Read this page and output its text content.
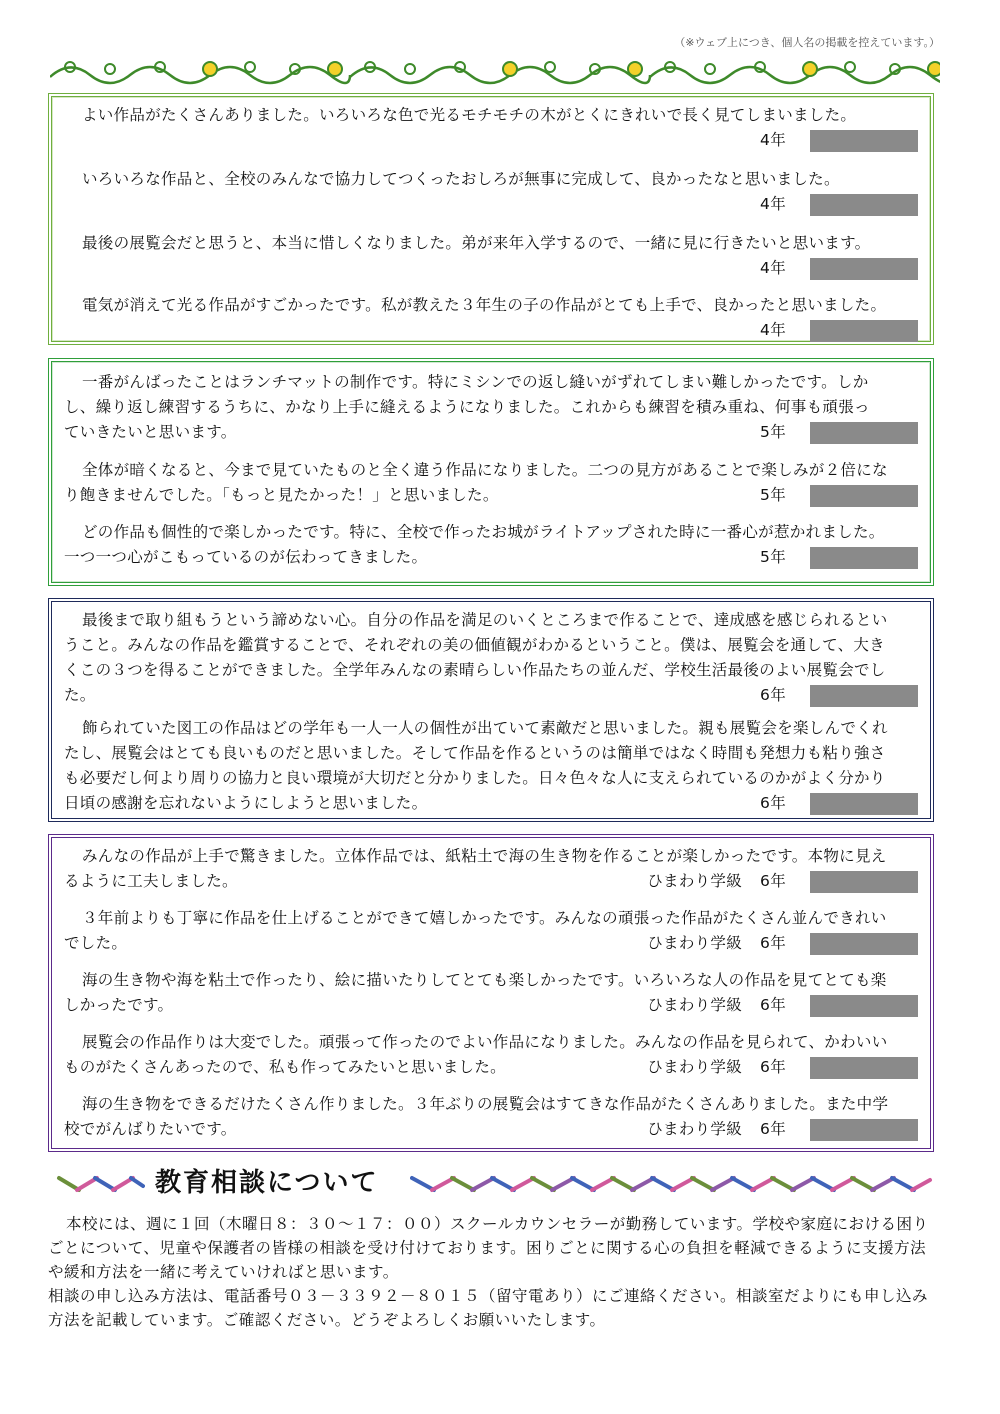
（※ウェブ上につき、個人名の掲載を控えています。）
よい作品がたくさんありました。いろいろな色で光るモチモチの木がとくにきれいで長く見てしまいました。
4年
いろいろな作品と、全校のみんなで協力してつくったおしろが無事に完成して、良かったなと思いました。
4年
最後の展覧会だと思うと、本当に惜しくなりました。弟が来年入学するので、一緒に見に行きたいと思います。
4年
電気が消えて光る作品がすごかったです。私が教えた３年生の子の作品がとても上手で、良かったと思いました。
4年
一番がんばったことはランチマットの制作です。特にミシンでの返し縫いがずれてしまい難しかったです。しかし、繰り返し練習するうちに、かなり上手に縫えるようになりました。これからも練習を積み重ね、何事も頑張っていきたいと思います。	5年
全体が暗くなると、今まで見ていたものと全く違う作品になりました。二つの見方があることで楽しみが２倍になり飽きませんでした。「もっと見たかった！」と思いました。	5年
どの作品も個性的で楽しかったです。特に、全校で作ったお城がライトアップされた時に一番心が惹かれました。一つ一つ心がこもっているのが伝わってきました。	5年
最後まで取り組もうという諦めない心。自分の作品を満足のいくところまで作ることで、達成感を感じられるということ。みんなの作品を鑑賞することで、それぞれの美の価値観がわかるということ。僕は、展覧会を通して、大きくこの３つを得ることができました。全学年みんなの素晴らしい作品たちの並んだ、学校生活最後のよい展覧会でした。	6年
飾られていた図工の作品はどの学年も一人一人の個性が出ていて素敵だと思いました。親も展覧会を楽しんでくれたし、展覧会はとても良いものだと思いました。そして作品を作るというのは簡単ではなく時間も発想力も粘り強さも必要だし何より周りの協力と良い環境が大切だと分かりました。日々色々な人に支えられているのかがよく分かり日頃の感謝を忘れないようにしようと思いました。	6年
みんなの作品が上手で驚きました。立体作品では、紙粘土で海の生き物を作ることが楽しかったです。本物に見えるように工夫しました。	ひまわり学級 6年
３年前よりも丁寧に作品を仕上げることができて嬉しかったです。みんなの頑張った作品がたくさん並んできれいでした。	ひまわり学級 6年
海の生き物や海を粘土で作ったり、絵に描いたりしてとても楽しかったです。いろいろな人の作品を見てとても楽しかったです。	ひまわり学級 6年
展覧会の作品作りは大変でした。頑張って作ったのでよい作品になりました。みんなの作品を見られて、かわいいものがたくさんあったので、私も作ってみたいと思いました。	ひまわり学級 6年
海の生き物をできるだけたくさん作りました。３年ぶりの展覧会はすてきな作品がたくさんありました。また中学校でがんばりたいです。	ひまわり学級 6年
教育相談について

本校には、週に１回（木曜日８：３０～１７：００）スクールカウンセラーが勤務しています。学校や家庭における困りごとについて、児童や保護者の皆様の相談を受け付けております。困りごとに関する心の負担を軽減できるように支援方法や緩和方法を一緒に考えていければと思います。

相談の申し込み方法は、電話番号０３－３３９２－８０１５（留守電あり）にご連絡ください。相談室だよりにも申し込み方法を記載しています。ご確認ください。どうぞよろしくお願いいたします。
